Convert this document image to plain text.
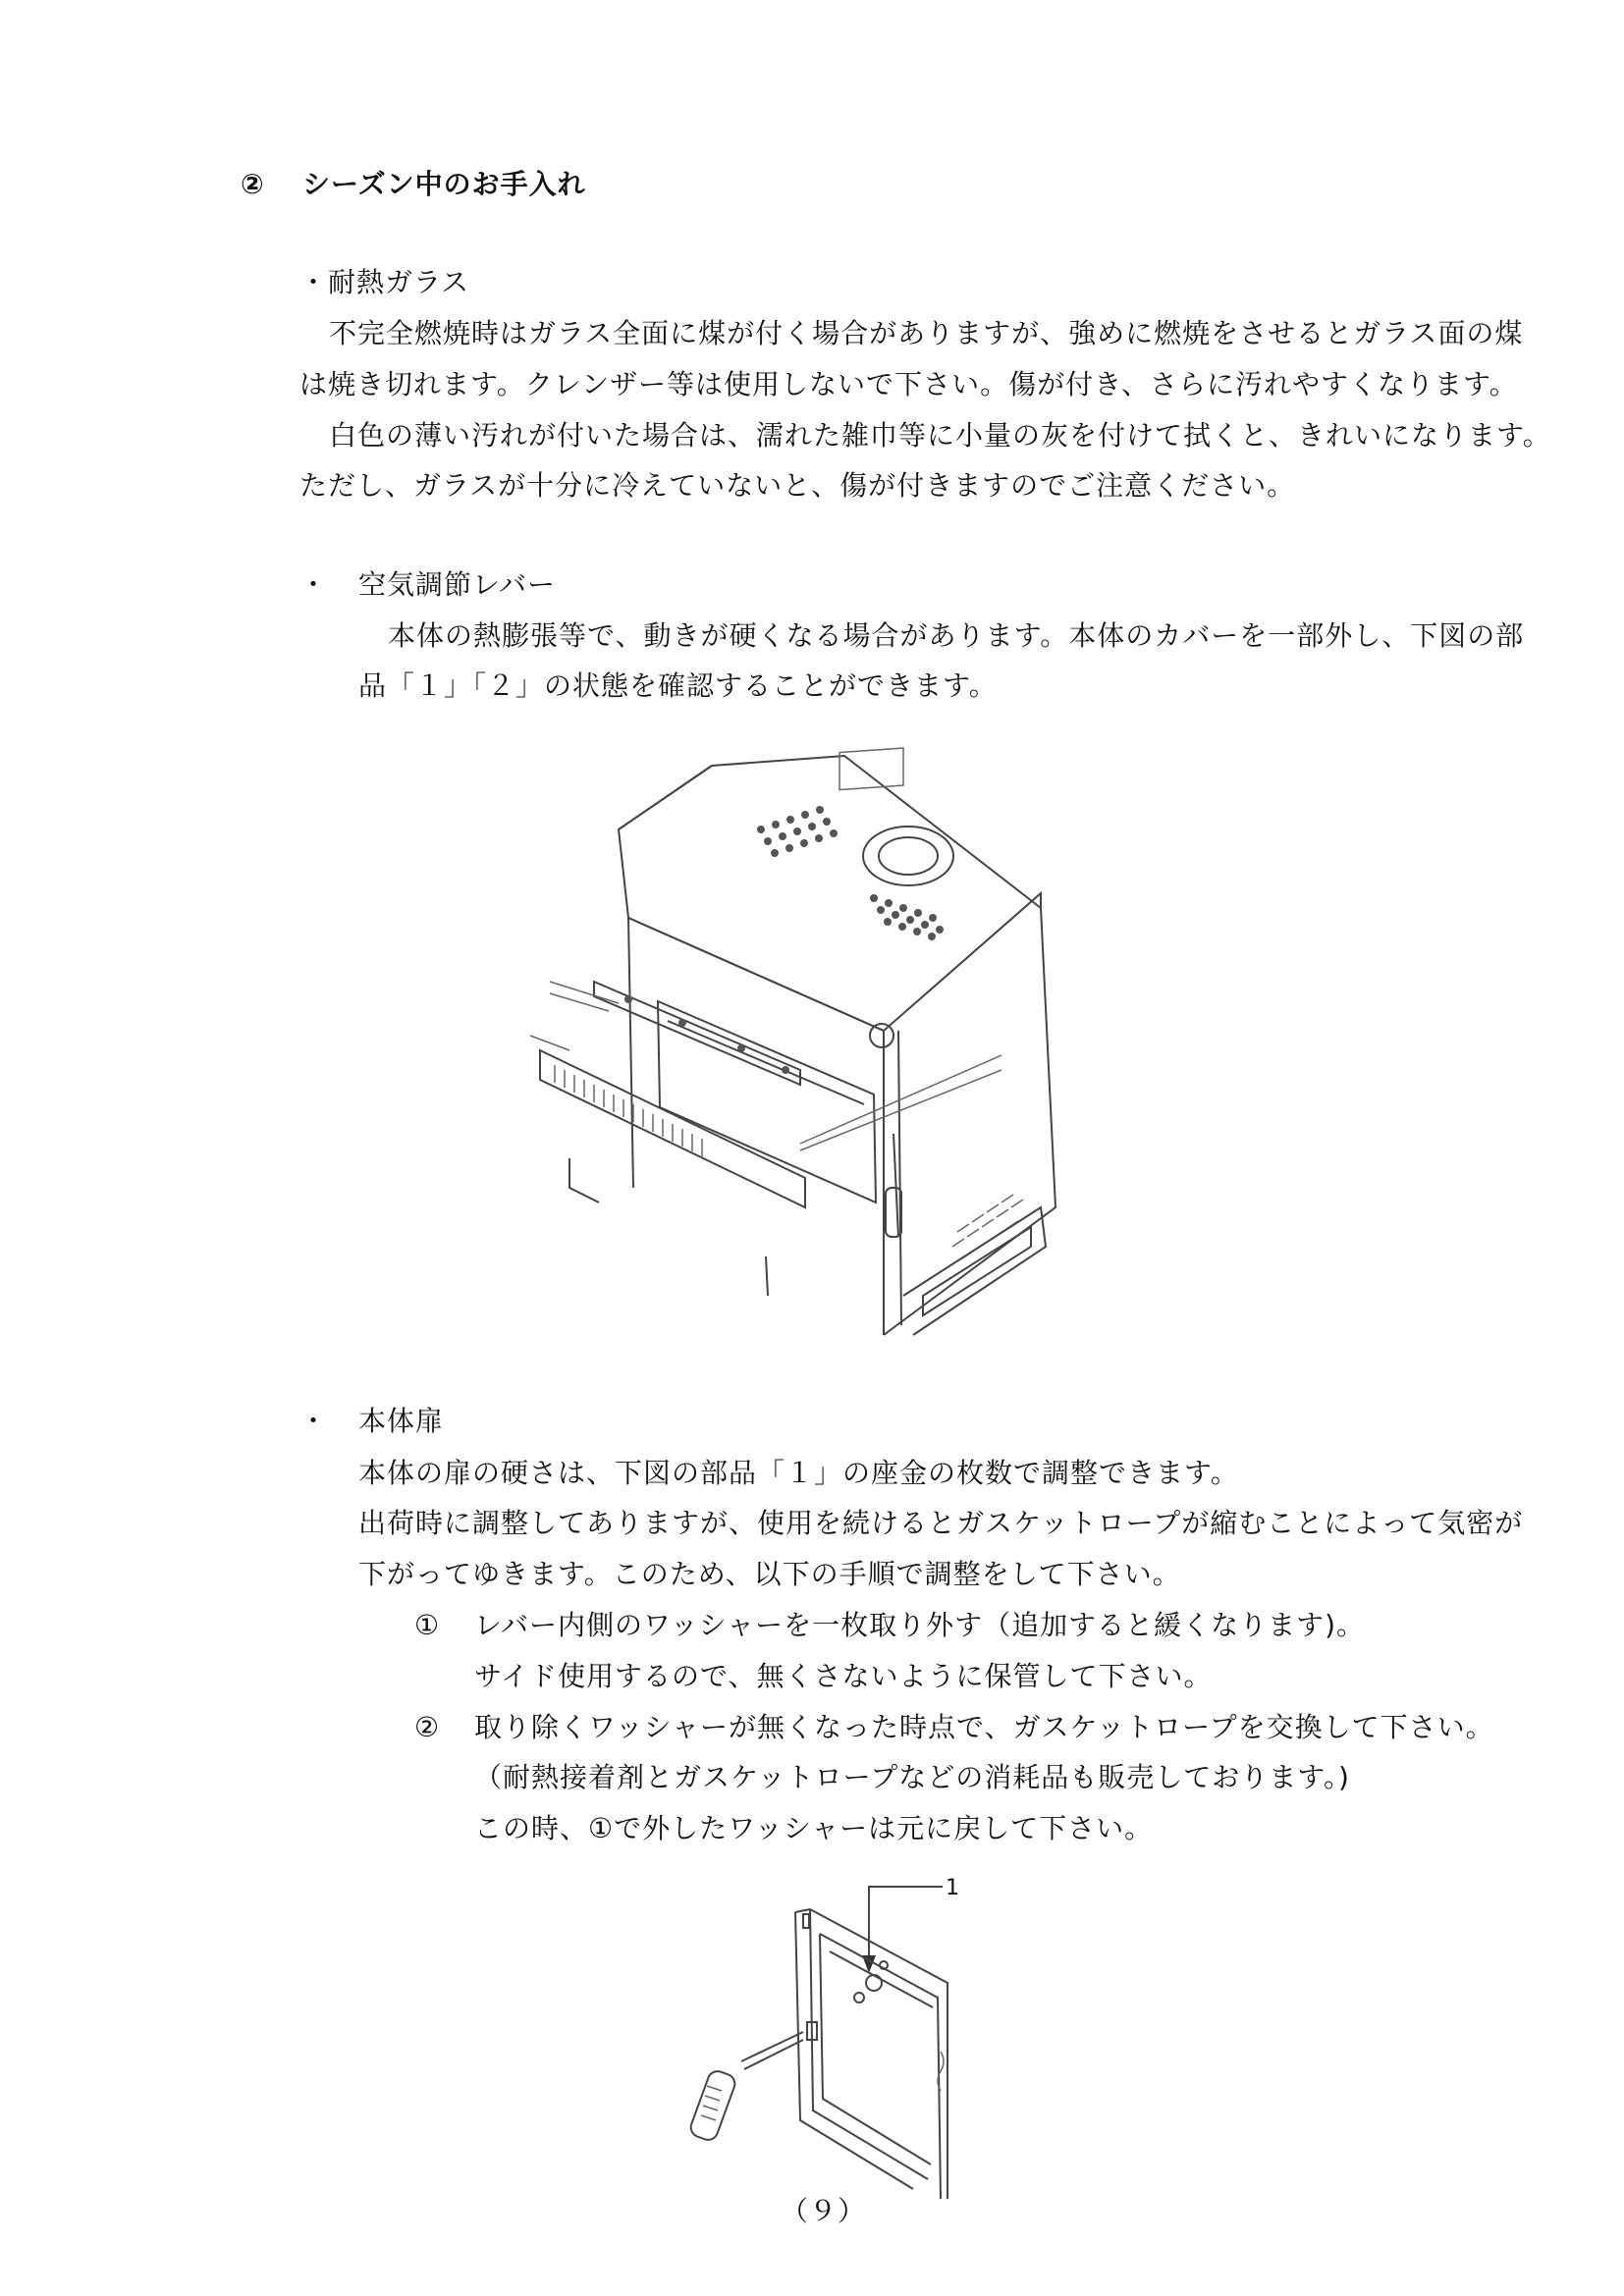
② シーズン中のお手入れ
・耐熱ガラス
不完全燃焼時はガラス全面に煤が付く場合がありますが、強めに燃焼をさせるとガラス面の煤
は焼き切れます。クレンザー等は使用しないで下さい。傷が付き、さらに汚れやすくなります。
白色の薄い汚れが付いた場合は、濡れた雑巾等に小量の灰を付けて拭くと、きれいになります。
ただし、ガラスが十分に冷えていないと、傷が付きますのでご注意ください。
・ 空気調節レバー
本体の熱膨張等で、動きが硬くなる場合があります。本体のカバーを一部外し、下図の部
品「１」「２」の状態を確認することができます。
・ 本体扉
本体の扉の硬さは、下図の部品「１」の座金の枚数で調整できます。
出荷時に調整してありますが、使用を続けるとガスケットロープが縮むことによって気密が
下がってゆきます。このため、以下の手順で調整をして下さい。
① レバー内側のワッシャーを一枚取り外す（追加すると緩くなります)。
サイド使用するので、無くさないように保管して下さい。
② 取り除くワッシャーが無くなった時点で、ガスケットロープを交換して下さい。
（耐熱接着剤とガスケットロープなどの消耗品も販売しております。)
この時、①で外したワッシャーは元に戻して下さい。
1
（９）
